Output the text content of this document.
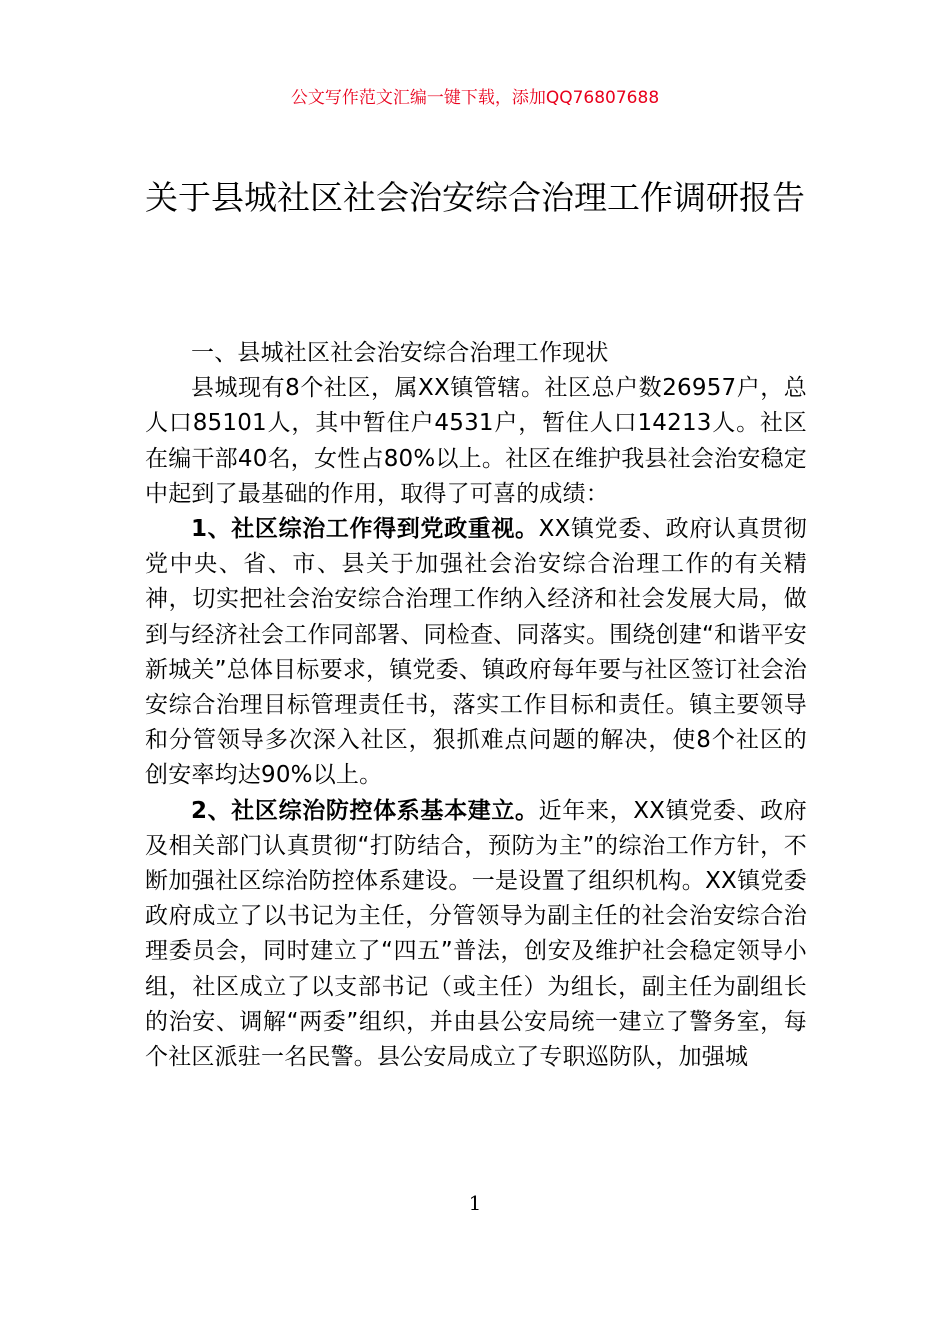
公文写作范文汇编一键下载，添加QQ76807688
关于县城社区社会治安综合治理工作调研报告

一、县城社区社会治安综合治理工作现状

县城现有8个社区，属XX镇管辖。社区总户数26957户，总人口85101人，其中暂住户4531户，暂住人口14213人。社区在编干部40名，女性占80%以上。社区在维护我县社会治安稳定中起到了最基础的作用，取得了可喜的成绩：

1、社区综治工作得到党政重视。XX镇党委、政府认真贯彻党中央、省、市、县关于加强社会治安综合治理工作的有关精神，切实把社会治安综合治理工作纳入经济和社会发展大局，做到与经济社会工作同部署、同检查、同落实。围绕创建“和谐平安新城关”总体目标要求，镇党委、镇政府每年要与社区签订社会治安综合治理目标管理责任书，落实工作目标和责任。镇主要领导和分管领导多次深入社区，狠抓难点问题的解决，使8个社区的创安率均达90%以上。

2、社区综治防控体系基本建立。近年来，XX镇党委、政府及相关部门认真贯彻“打防结合，预防为主”的综治工作方针，不断加强社区综治防控体系建设。一是设置了组织机构。XX镇党委政府成立了以书记为主任，分管领导为副主任的社会治安综合治理委员会，同时建立了“四五”普法，创安及维护社会稳定领导小组，社区成立了以支部书记（或主任）为组长，副主任为副组长的治安、调解“两委”组织，并由县公安局统一建立了警务室，每个社区派驻一名民警。县公安局成立了专职巡防队，加强城

1
